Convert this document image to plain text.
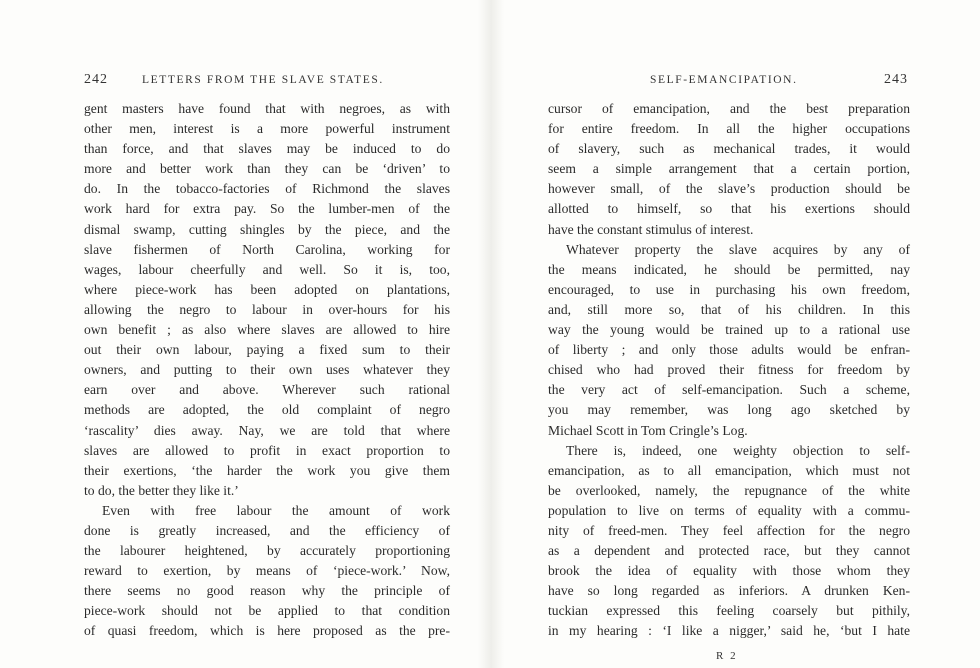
242	LETTERS FROM THE SLAVE STATES.
gent masters have found that with negroes, as with
other men, interest is a more powerful instrument
than force, and that slaves may be induced to do
more and better work than they can be ‘driven’ to
do. In the tobacco-factories of Richmond the slaves
work hard for extra pay. So the lumber-men of the
dismal swamp, cutting shingles by the piece, and the
slave fishermen of North Carolina, working for
wages, labour cheerfully and well. So it is, too,
where piece-work has been adopted on plantations,
allowing the negro to labour in over-hours for his
own benefit ; as also where slaves are allowed to hire
out their own labour, paying a fixed sum to their
owners, and putting to their own uses whatever they
earn over and above. Wherever such rational
methods are adopted, the old complaint of negro
‘rascality’ dies away. Nay, we are told that where
slaves are allowed to profit in exact proportion to
their exertions, ‘the harder the work you give them
to do, the better they like it.’
Even with free labour the amount of work
done is greatly increased, and the efficiency of
the labourer heightened, by accurately proportioning
reward to exertion, by means of ‘piece-work.’ Now,
there seems no good reason why the principle of
piece-work should not be applied to that condition
of quasi freedom, which is here proposed as the pre-
SELF-EMANCIPATION.	243
cursor of emancipation, and the best preparation
for entire freedom. In all the higher occupations
of slavery, such as mechanical trades, it would
seem a simple arrangement that a certain portion,
however small, of the slave’s production should be
allotted to himself, so that his exertions should
have the constant stimulus of interest.
Whatever property the slave acquires by any of
the means indicated, he should be permitted, nay
encouraged, to use in purchasing his own freedom,
and, still more so, that of his children. In this
way the young would be trained up to a rational use
of liberty ; and only those adults would be enfran-
chised who had proved their fitness for freedom by
the very act of self-emancipation. Such a scheme,
you may remember, was long ago sketched by
Michael Scott in Tom Cringle’s Log.
There is, indeed, one weighty objection to self-
emancipation, as to all emancipation, which must not
be overlooked, namely, the repugnance of the white
population to live on terms of equality with a commu-
nity of freed-men. They feel affection for the negro
as a dependent and protected race, but they cannot
brook the idea of equality with those whom they
have so long regarded as inferiors. A drunken Ken-
tuckian expressed this feeling coarsely but pithily,
in my hearing : ‘I like a nigger,’ said he, ‘but I hate
R 2
